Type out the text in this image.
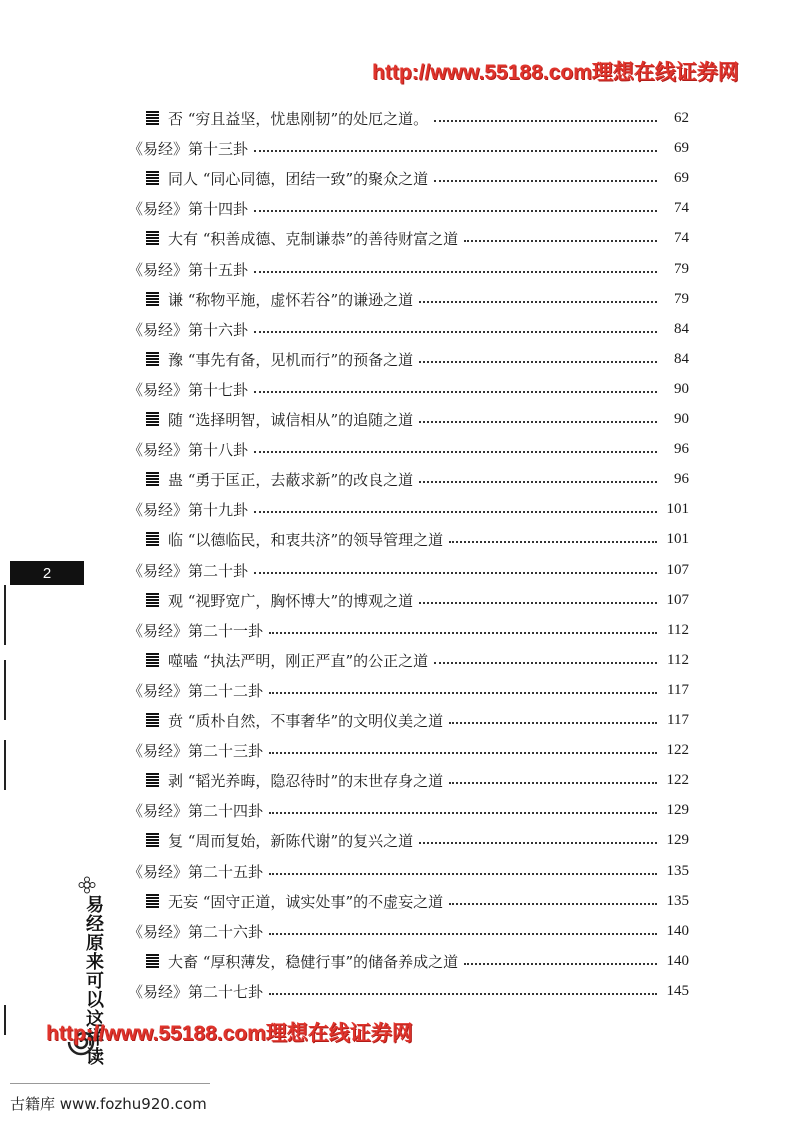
http://www.55188.com理想在线证券网
否 “穷且益坚，忧患刚韧”的处厄之道。	62
《易经》第十三卦	69
同人 “同心同德，团结一致”的聚众之道	69
《易经》第十四卦	74
大有 “积善成德、克制谦恭”的善待财富之道	74
《易经》第十五卦	79
谦 “称物平施，虚怀若谷”的谦逊之道	79
《易经》第十六卦	84
豫 “事先有备，见机而行”的预备之道	84
《易经》第十七卦	90
随 “选择明智，诚信相从”的追随之道	90
《易经》第十八卦	96
蛊 “勇于匡正，去蔽求新”的改良之道	96
《易经》第十九卦	101
临 “以德临民，和衷共济”的领导管理之道	101
《易经》第二十卦	107
观 “视野宽广，胸怀博大”的博观之道	107
《易经》第二十一卦	112
噬嗑 “执法严明，刚正严直”的公正之道	112
《易经》第二十二卦	117
贲 “质朴自然，不事奢华”的文明仪美之道	117
《易经》第二十三卦	122
剥 “韬光养晦，隐忍待时”的末世存身之道	122
《易经》第二十四卦	129
复 “周而复始，新陈代谢”的复兴之道	129
《易经》第二十五卦	135
无妄 “固守正道，诚实处事”的不虚妄之道	135
《易经》第二十六卦	140
大畜 “厚积薄发，稳健行事”的储备养成之道	140
《易经》第二十七卦	145
2
易经原来可以这样读
http://www.55188.com理想在线证券网
古籍库 www.fozhu920.com
